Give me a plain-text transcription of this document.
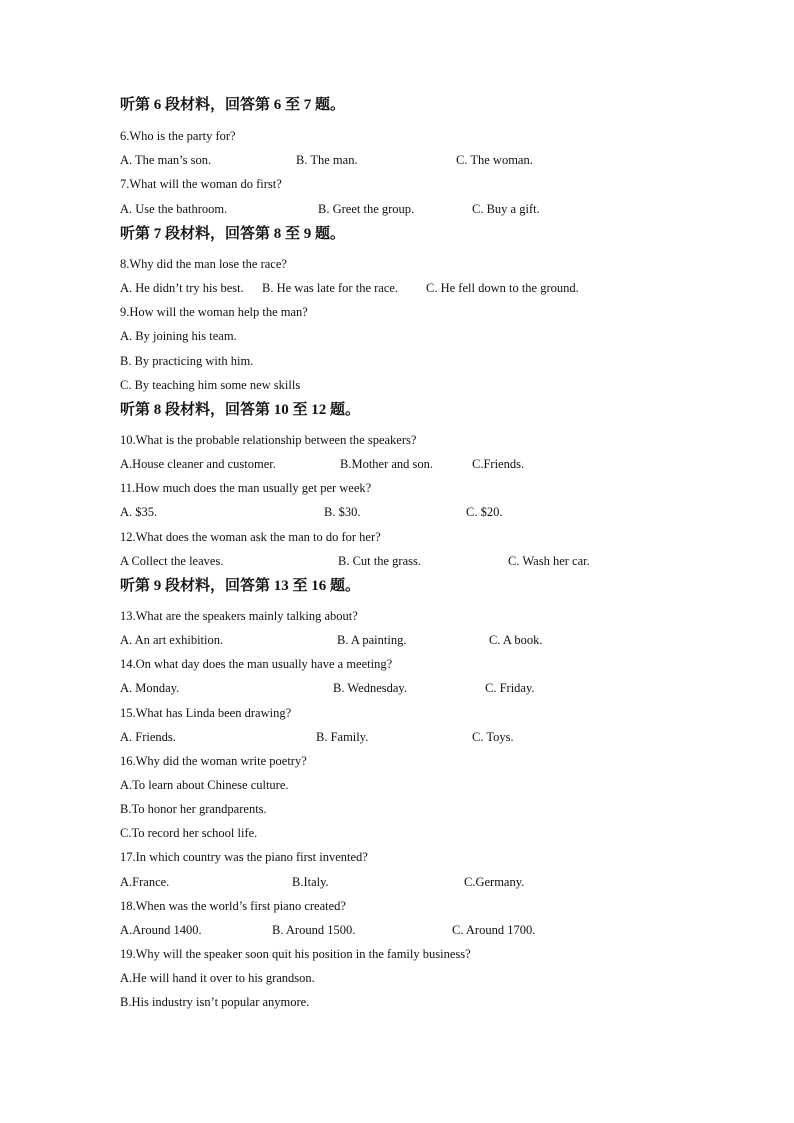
听第 6 段材料，回答第 6 至 7 题。
6.Who is the party for?
A. The man’s son.	B. The man.	C. The woman.
7.What will the woman do first?
A. Use the bathroom.	B. Greet the group.	C. Buy a gift.
听第 7 段材料，回答第 8 至 9 题。
8.Why did the man lose the race?
A. He didn’t try his best. B. He was late for the race. C. He fell down to the ground.
9.How will the woman help the man?
A. By joining his team.
B. By practicing with him.
C. By teaching him some new skills
听第 8 段材料，回答第 10 至 12 题。
10.What is the probable relationship between the speakers?
A.House cleaner and customer.	B.Mother and son.	C.Friends.
11.How much does the man usually get per week?
A. $35.	B. $30.	C. $20.
12.What does the woman ask the man to do for her?
A Collect the leaves.	B. Cut the grass.	C. Wash her car.
听第 9 段材料，回答第 13 至 16 题。
13.What are the speakers mainly talking about?
A. An art exhibition.	B. A painting.	C. A book.
14.On what day does the man usually have a meeting?
A. Monday.	B. Wednesday.	C. Friday.
15.What has Linda been drawing?
A. Friends.	B. Family.	C. Toys.
16.Why did the woman write poetry?
A.To learn about Chinese culture.
B.To honor her grandparents.
C.To record her school life.
17.In which country was the piano first invented?
A.France.	B.Italy.	C.Germany.
18.When was the world’s first piano created?
A.Around 1400.	B. Around 1500.	C. Around 1700.
19.Why will the speaker soon quit his position in the family business?
A.He will hand it over to his grandson.
B.His industry isn’t popular anymore.
